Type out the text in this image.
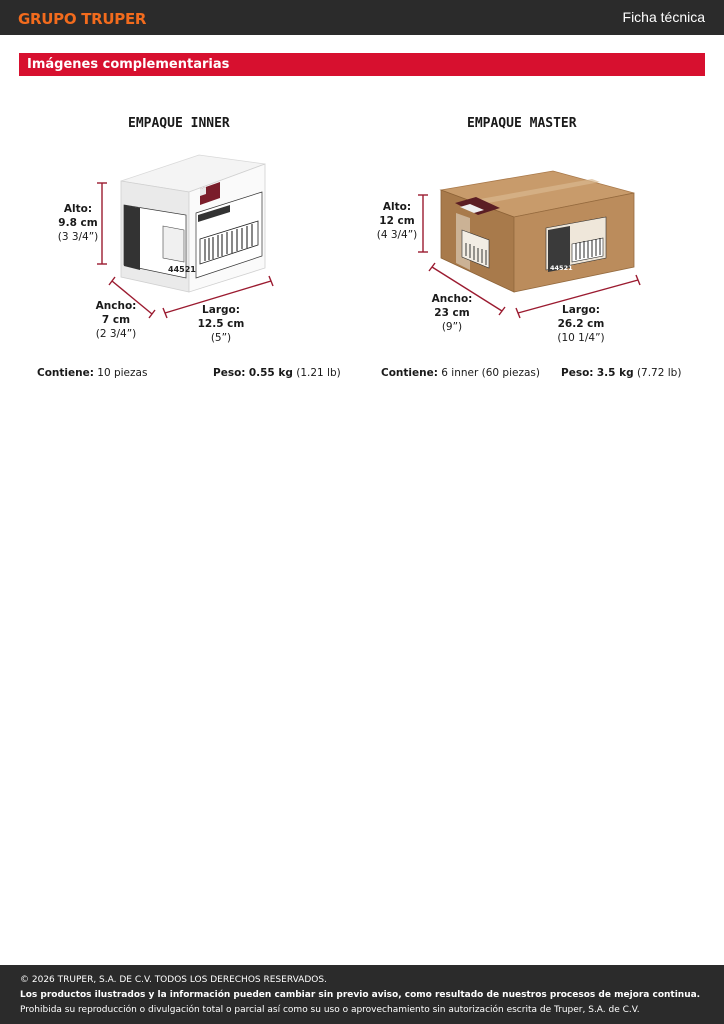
GRUPO TRUPER	Ficha técnica
Imágenes complementarias
EMPAQUE INNER
44521	44521
Alto:
9.8 cm
(3 3/4”)
Ancho:
7 cm
(2 3/4”)
Largo:
12.5 cm
(5”)
Contiene: 10 piezas	Peso: 0.55 kg (1.21 lb)
EMPAQUE MASTER
Alto:
12 cm
(4 3/4”)
Ancho:
23 cm
(9”)
Largo:
26.2 cm
(10 1/4”)
Contiene: 6 inner (60 piezas) Peso: 3.5 kg (7.72 lb)
© 2026 TRUPER, S.A. DE C.V. TODOS LOS DERECHOS RESERVADOS.
Los productos ilustrados y la información pueden cambiar sin previo aviso, como resultado de nuestros procesos de mejora continua.
Prohibida su reproducción o divulgación total o parcial así como su uso o aprovechamiento sin autorización escrita de Truper, S.A. de C.V.
